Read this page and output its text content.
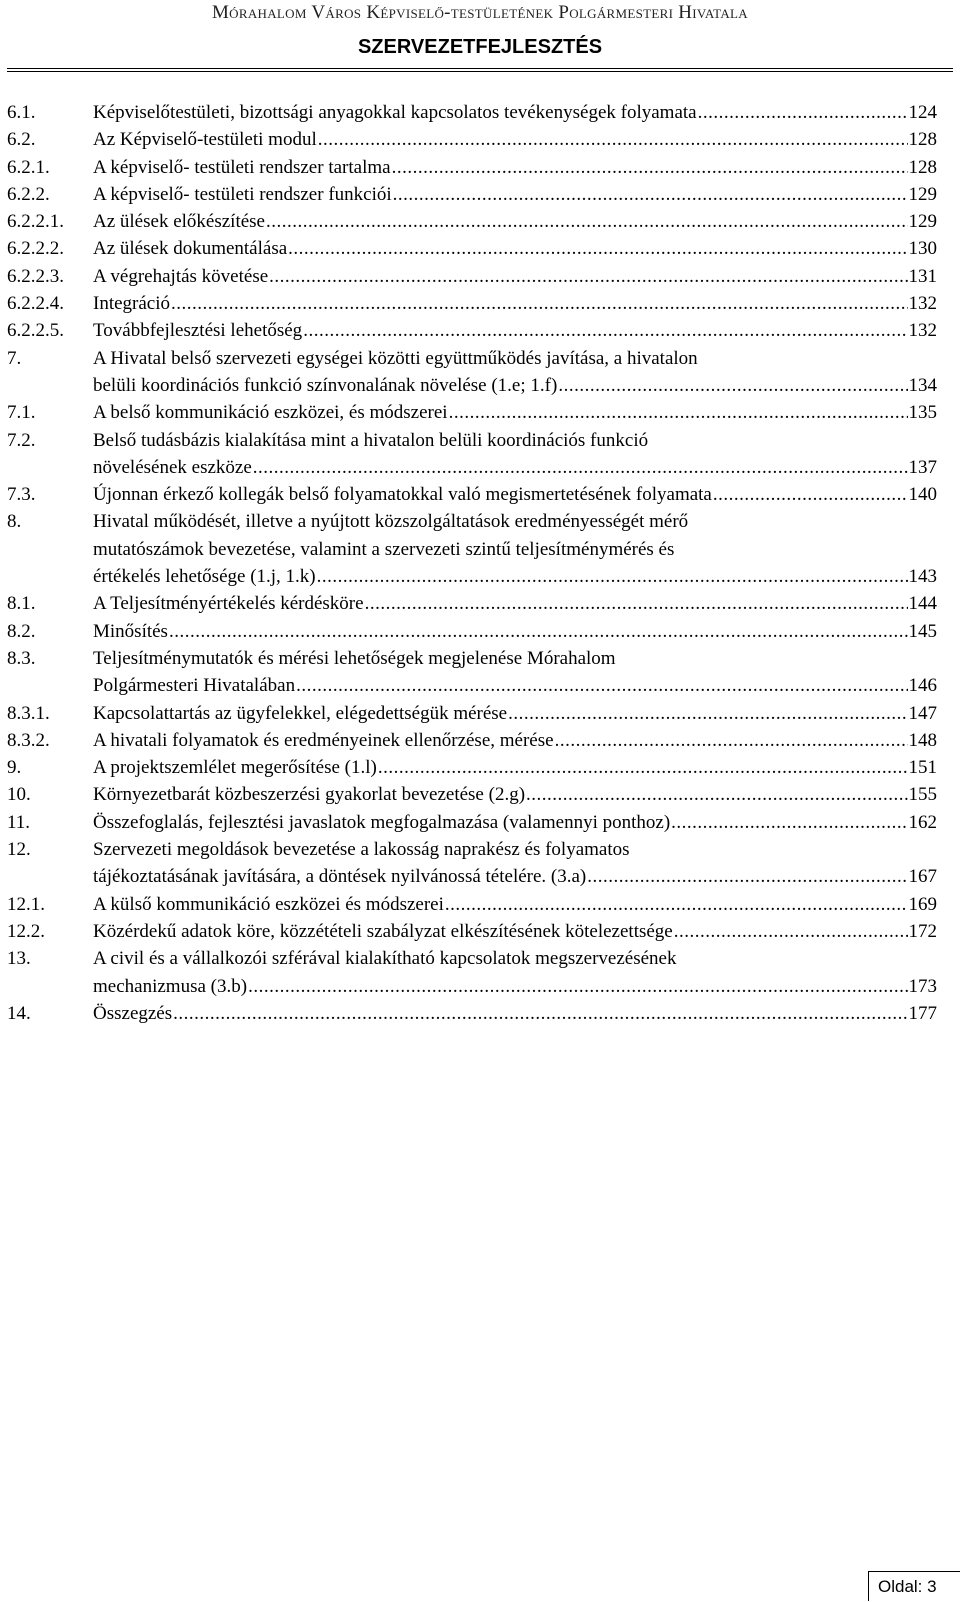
Mórahalom Város Képviselő-testületének Polgármesteri Hivatala
SZERVEZETFEJLESZTÉS
6.1.	Képviselőtestületi, bizottsági anyagokkal kapcsolatos tevékenységek folyamata .....	124
6.2.	Az Képviselő-testületi modul .....	128
6.2.1. A képviselő- testületi rendszer tartalma .....	128
6.2.2. A képviselő- testületi rendszer funkciói .....	129
6.2.2.1. Az ülések előkészítése .....	129
6.2.2.2. Az ülések dokumentálása .....	130
6.2.2.3. A végrehajtás követése .....	131
6.2.2.4. Integráció .....	132
6.2.2.5. Továbbfejlesztési lehetőség .....	132
7.	A Hivatal belső szervezeti egységei közötti együttműködés javítása, a hivatalon
belüli koordinációs funkció színvonalának növelése (1.e; 1.f) .....	134
7.1.	A belső kommunikáció eszközei, és módszerei .....	135
7.2.	Belső tudásbázis kialakítása mint a hivatalon belüli koordinációs funkció
növelésének eszköze .....	137
7.3.	Újonnan érkező kollegák belső folyamatokkal való megismertetésének folyamata .....	140
8.	Hivatal működését, illetve a nyújtott közszolgáltatások eredményességét mérő
mutatószámok bevezetése, valamint a szervezeti szintű teljesítménymérés és
értékelés lehetősége (1.j, 1.k) .....	143
8.1.	A Teljesítményértékelés kérdésköre .....	144
8.2.	Minősítés .....	145
8.3.	Teljesítménymutatók és mérési lehetőségek megjelenése Mórahalom
Polgármesteri Hivatalában .....	146
8.3.1. Kapcsolattartás az ügyfelekkel, elégedettségük mérése .....	147
8.3.2. A hivatali folyamatok és eredményeinek ellenőrzése, mérése .....	148
9.	A projektszemlélet megerősítése (1.l) .....	151
10.	Környezetbarát közbeszerzési gyakorlat bevezetése (2.g) .....	155
11.	Összefoglalás, fejlesztési javaslatok megfogalmazása (valamennyi ponthoz) .....	162
12.	Szervezeti megoldások bevezetése a lakosság naprakész és folyamatos
tájékoztatásának javítására, a döntések nyilvánossá tételére. (3.a) .....	167
12.1.	A külső kommunikáció eszközei és módszerei .....	169
12.2.	Közérdekű adatok köre, közzétételi szabályzat elkészítésének kötelezettsége .....	172
13.	A civil és a vállalkozói szférával kialakítható kapcsolatok megszervezésének
mechanizmusa (3.b) .....	173
14.	Összegzés .....	177
Oldal: 3
